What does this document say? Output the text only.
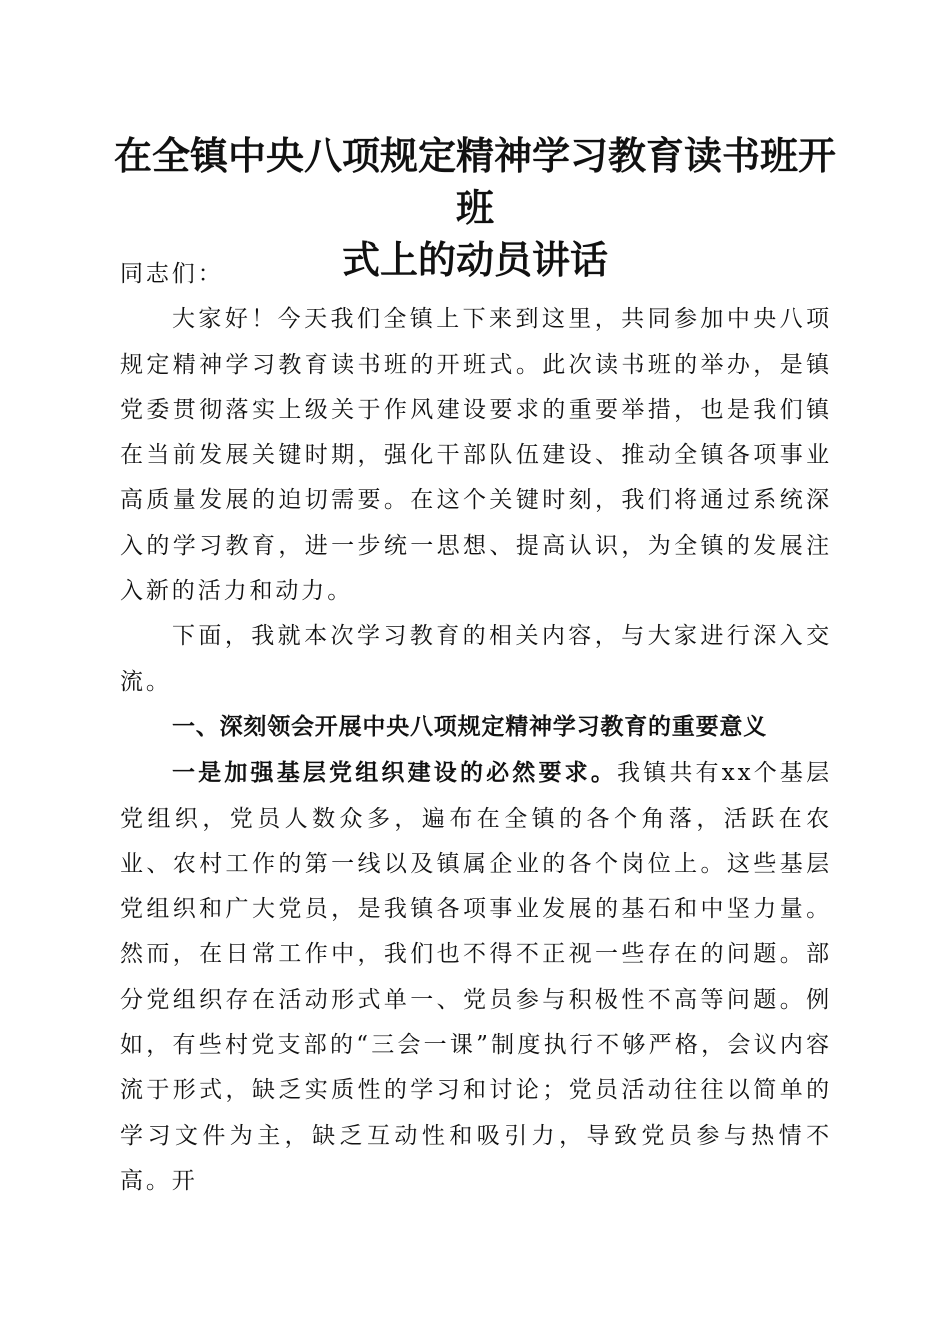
在全镇中央八项规定精神学习教育读书班开班
式上的动员讲话

同志们：

大家好！今天我们全镇上下来到这里，共同参加中央八项规定精神学习教育读书班的开班式。此次读书班的举办，是镇党委贯彻落实上级关于作风建设要求的重要举措，也是我们镇在当前发展关键时期，强化干部队伍建设、推动全镇各项事业高质量发展的迫切需要。在这个关键时刻，我们将通过系统深入的学习教育，进一步统一思想、提高认识，为全镇的发展注入新的活力和动力。

下面，我就本次学习教育的相关内容，与大家进行深入交流。

一、深刻领会开展中央八项规定精神学习教育的重要意义

一是加强基层党组织建设的必然要求。我镇共有xx个基层党组织，党员人数众多，遍布在全镇的各个角落，活跃在农业、农村工作的第一线以及镇属企业的各个岗位上。这些基层党组织和广大党员，是我镇各项事业发展的基石和中坚力量。然而，在日常工作中，我们也不得不正视一些存在的问题。部分党组织存在活动形式单一、党员参与积极性不高等问题。例如，有些村党支部的“三会一课”制度执行不够严格，会议内容流于形式，缺乏实质性的学习和讨论；党员活动往往以简单的学习文件为主，缺乏互动性和吸引力，导致党员参与热情不高。开
